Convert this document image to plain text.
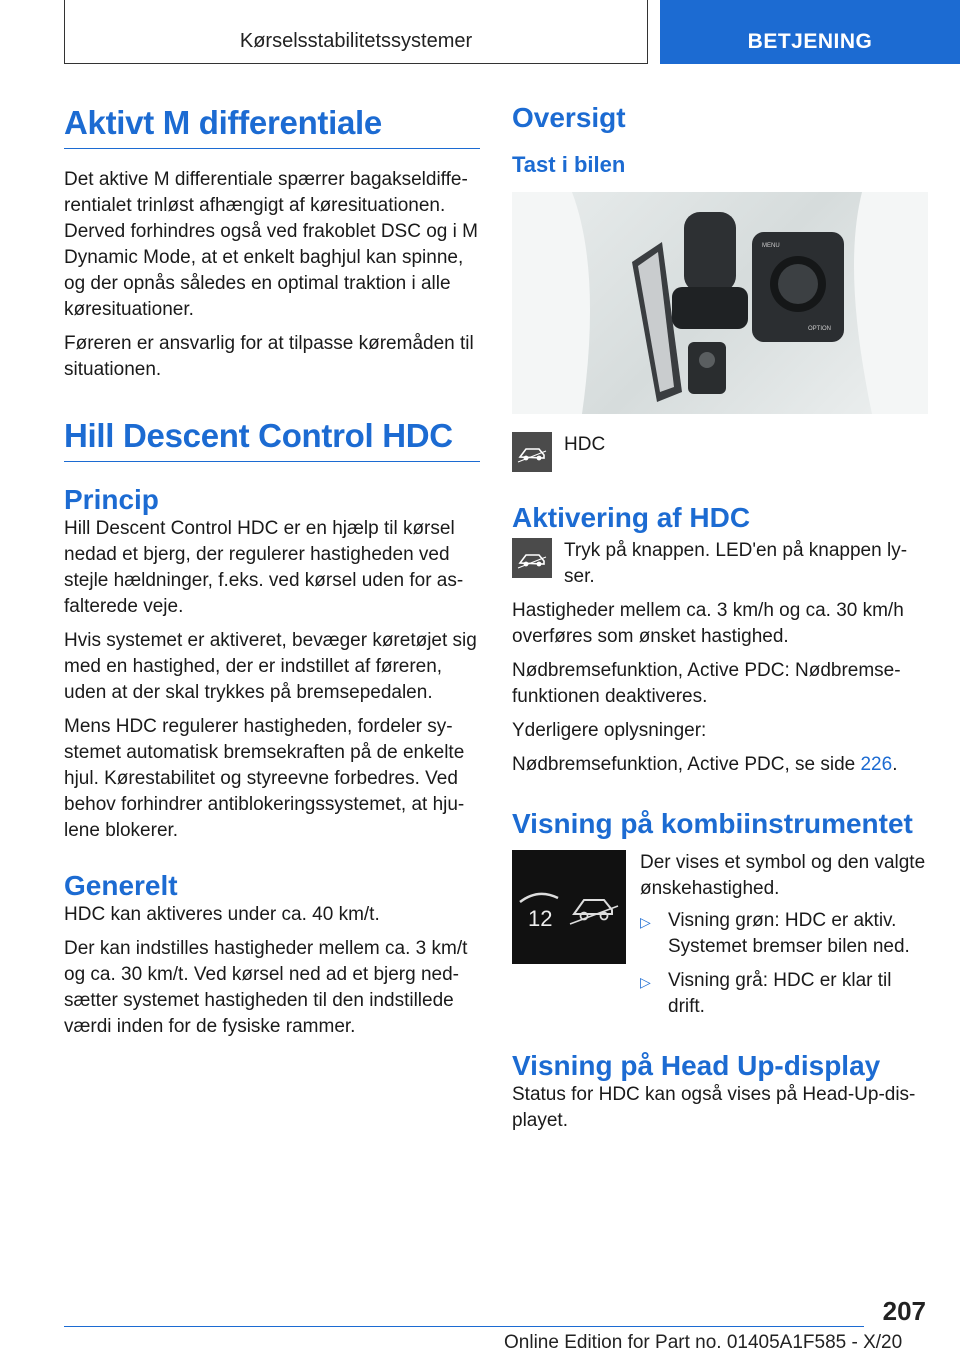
Kørselsstabilitetssystemer	BETJENING
Aktivt M differentiale

Det aktive M differentiale spærrer bagakseldiffe‐rentialet trinløst afhængigt af køresituationen. Derved forhindres også ved frakoblet DSC og i M Dynamic Mode, at et enkelt baghjul kan spinne, og der opnås således en optimal traktion i alle køresituationer.

Føreren er ansvarlig for at tilpasse køremåden til situationen.

Hill Descent Control HDC
Princip

Hill Descent Control HDC er en hjælp til kørsel nedad et bjerg, der regulerer hastigheden ved stejle hældninger, f.eks. ved kørsel uden for as‐falterede veje.

Hvis systemet er aktiveret, bevæger køretøjet sig med en hastighed, der er indstillet af føreren, uden at der skal trykkes på bremsepedalen.

Mens HDC regulerer hastigheden, fordeler sy‐stemet automatisk bremsekraften på de enkelte hjul. Kørestabilitet og styreevne forbedres. Ved behov forhindrer antiblokeringssystemet, at hju‐lene blokerer.

Generelt

HDC kan aktiveres under ca. 40 km/t.

Der kan indstilles hastigheder mellem ca. 3 km/t og ca. 30 km/t. Ved kørsel ned ad et bjerg ned‐sætter systemet hastigheden til den indstillede værdi inden for de fysiske rammer.

Oversigt
Tast i bilen
MENU
OPTION

HDC

Aktivering af HDC

Tryk på knappen. LED'en på knappen ly‐ser.

Hastigheder mellem ca. 3 km/h og ca. 30 km/h overføres som ønsket hastighed.

Nødbremsefunktion, Active PDC: Nødbremse‐funktionen deaktiveres.

Yderligere oplysninger:

Nødbremsefunktion, Active PDC, se side 226.

Visning på kombiinstrumentet
12

Der vises et symbol og den valgte ønskehastighed.

▷ Visning grøn: HDC er aktiv. Systemet bremser bilen ned.
▷ Visning grå: HDC er klar til drift.
Visning på Head Up-display

Status for HDC kan også vises på Head-Up-dis‐playet.

207
Online Edition for Part no. 01405A1F585 - X/20
